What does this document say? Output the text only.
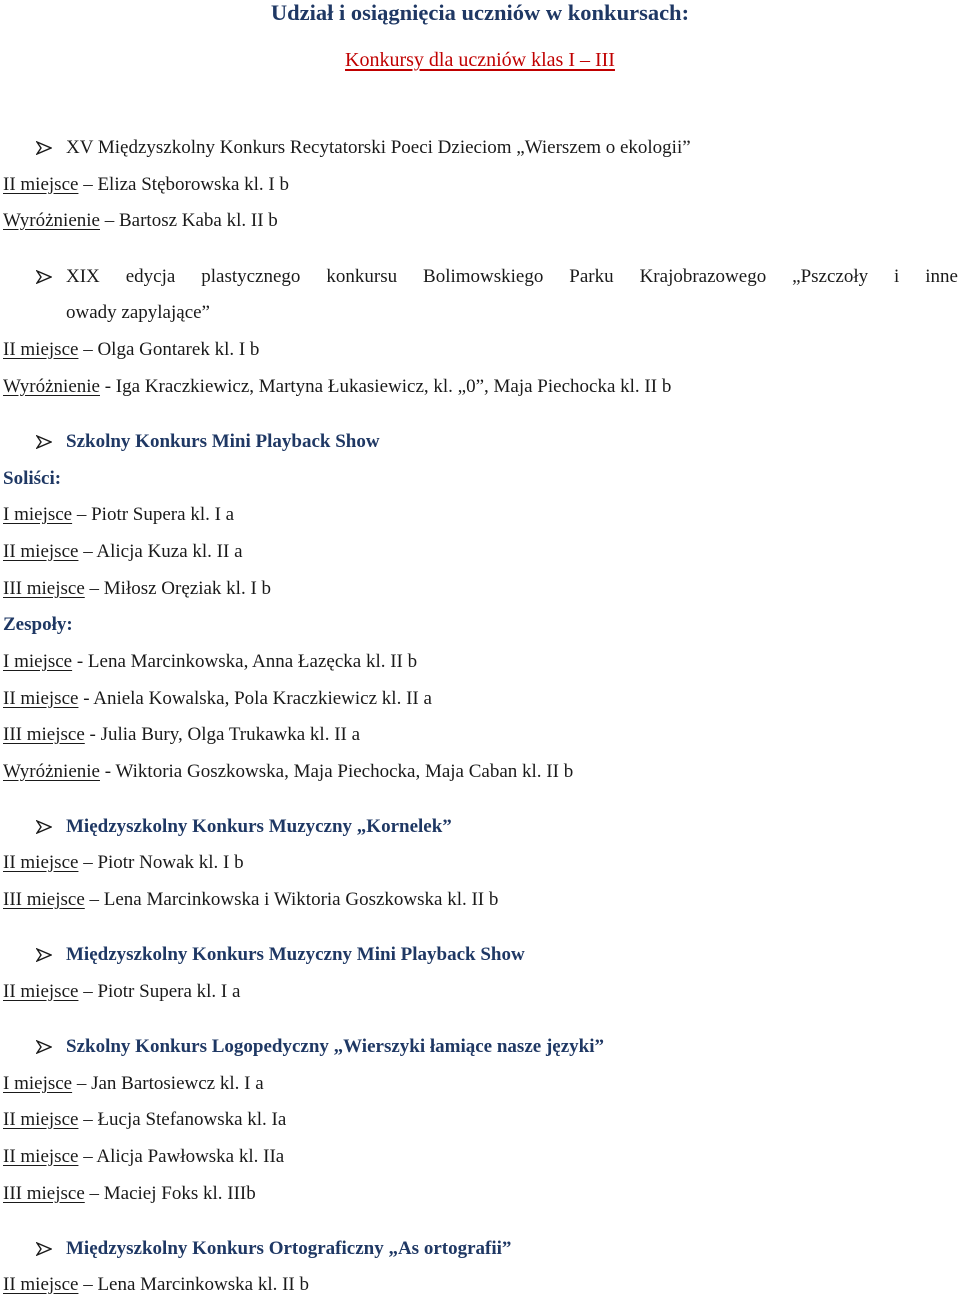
Udział i osiągnięcia uczniów w konkursach:
Konkursy dla uczniów klas I – III
XV Międzyszkolny Konkurs Recytatorski Poeci Dzieciom „Wierszem o ekologii”
II miejsce – Eliza Stęborowska kl. I b
Wyróżnienie – Bartosz Kaba kl. II b
XIX edycja plastycznego konkursu Bolimowskiego Parku Krajobrazowego „Pszczoły i inne
owady zapylające”
II miejsce – Olga Gontarek kl. I b
Wyróżnienie - Iga Kraczkiewicz, Martyna Łukasiewicz, kl. „0”, Maja Piechocka kl. II b
Szkolny Konkurs Mini Playback Show
Soliści:
I miejsce – Piotr Supera kl. I a
II miejsce – Alicja Kuza kl. II a
III miejsce – Miłosz Oręziak kl. I b
Zespoły:
I miejsce - Lena Marcinkowska, Anna Łazęcka kl. II b
II miejsce - Aniela Kowalska, Pola Kraczkiewicz kl. II a
III miejsce - Julia Bury, Olga Trukawka kl. II a
Wyróżnienie - Wiktoria Goszkowska, Maja Piechocka, Maja Caban kl. II b
Międzyszkolny Konkurs Muzyczny „Kornelek”
II miejsce – Piotr Nowak kl. I b
III miejsce – Lena Marcinkowska i Wiktoria Goszkowska kl. II b
Międzyszkolny Konkurs Muzyczny Mini Playback Show
II miejsce – Piotr Supera kl. I a
Szkolny Konkurs Logopedyczny „Wierszyki łamiące nasze języki”
I miejsce – Jan Bartosiewcz kl. I a
II miejsce – Łucja Stefanowska kl. Ia
II miejsce – Alicja Pawłowska kl. IIa
III miejsce – Maciej Foks kl. IIIb
Międzyszkolny Konkurs Ortograficzny „As ortografii”
II miejsce – Lena Marcinkowska kl. II b
